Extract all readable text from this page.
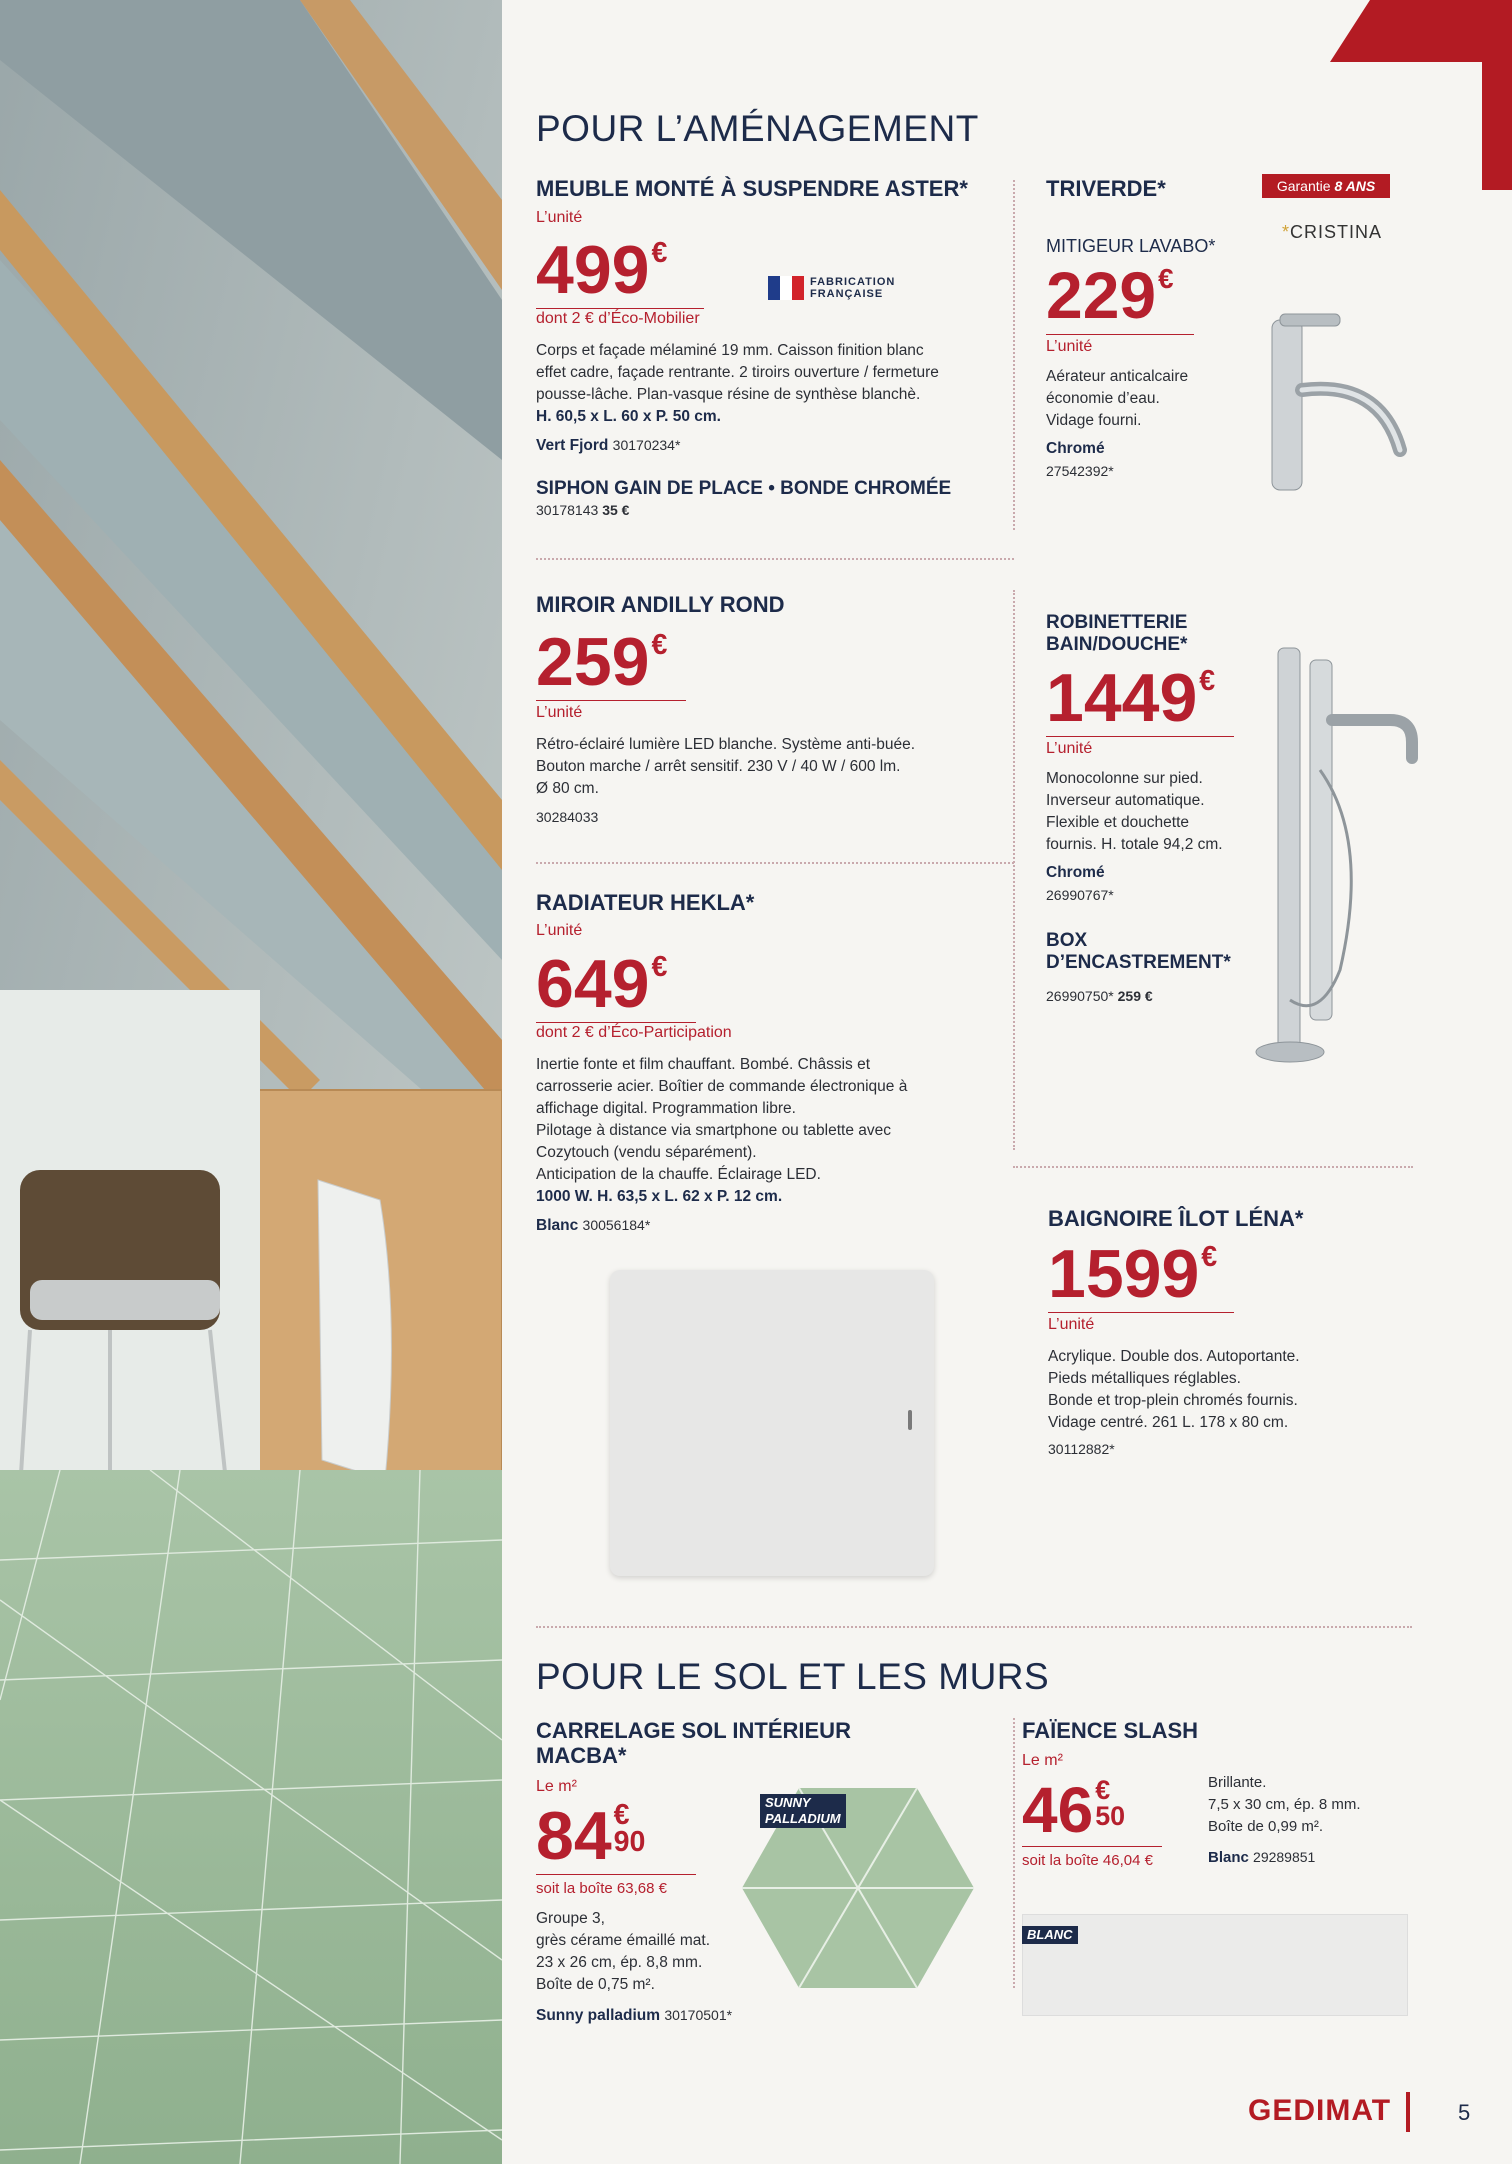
POUR L’AMÉNAGEMENT
MEUBLE MONTÉ À SUSPENDRE ASTER*
L’unité
499€
dont 2 € d’Éco-Mobilier
FABRICATION
FRANÇAISE
Corps et façade mélaminé 19 mm. Caisson finition blanc
effet cadre, façade rentrante. 2 tiroirs ouverture / fermeture
pousse-lâche. Plan-vasque résine de synthèse blanchè.
H. 60,5 x L. 60 x P. 50 cm.
Vert Fjord 30170234*
SIPHON GAIN DE PLACE • BONDE CHROMÉE
30178143 35 €
TRIVERDE*	Garantie 8 ANS
*CRISTINA
MITIGEUR LAVABO*
229€
L’unité
Aérateur anticalcaire
économie d’eau.
Vidage fourni.
Chromé
27542392*
MIROIR ANDILLY ROND
259€
L’unité
Rétro-éclairé lumière LED blanche. Système anti-buée.
Bouton marche / arrêt sensitif. 230 V / 40 W / 600 lm.
Ø 80 cm.
30284033
ROBINETTERIE
BAIN/DOUCHE*
1449€
L’unité
Monocolonne sur pied.
Inverseur automatique.
Flexible et douchette
fournis. H. totale 94,2 cm.
Chromé
26990767*
BOX
D’ENCASTREMENT*
26990750* 259 €
RADIATEUR HEKLA*
L’unité
649€
dont 2 € d’Éco-Participation
Inertie fonte et film chauffant. Bombé. Châssis et
carrosserie acier. Boîtier de commande électronique à
affichage digital. Programmation libre.
Pilotage à distance via smartphone ou tablette avec
Cozytouch (vendu séparément).
Anticipation de la chauffe. Éclairage LED.
1000 W. H. 63,5 x L. 62 x P. 12 cm.
Blanc 30056184*	BAIGNOIRE ÎLOT LÉNA*
1599€
L’unité
Acrylique. Double dos. Autoportante.
Pieds métalliques réglables.
Bonde et trop-plein chromés fournis.
Vidage centré. 261 L. 178 x 80 cm.
30112882*
POUR LE SOL ET LES MURS
CARRELAGE SOL INTÉRIEUR
MACBA*
Le m²
84 €
90
soit la boîte 63,68 €
Groupe 3,
grès cérame émaillé mat.
23 x 26 cm, ép. 8,8 mm.
Boîte de 0,75 m².
Sunny palladium 30170501*
SUNNY
PALLADIUM
FAÏENCE SLASH
Le m²
46 €
50
soit la boîte 46,04 €
Brillante.
7,5 x 30 cm, ép. 8 mm.
Boîte de 0,99 m².
Blanc 29289851
BLANC
GEDIMAT	5
